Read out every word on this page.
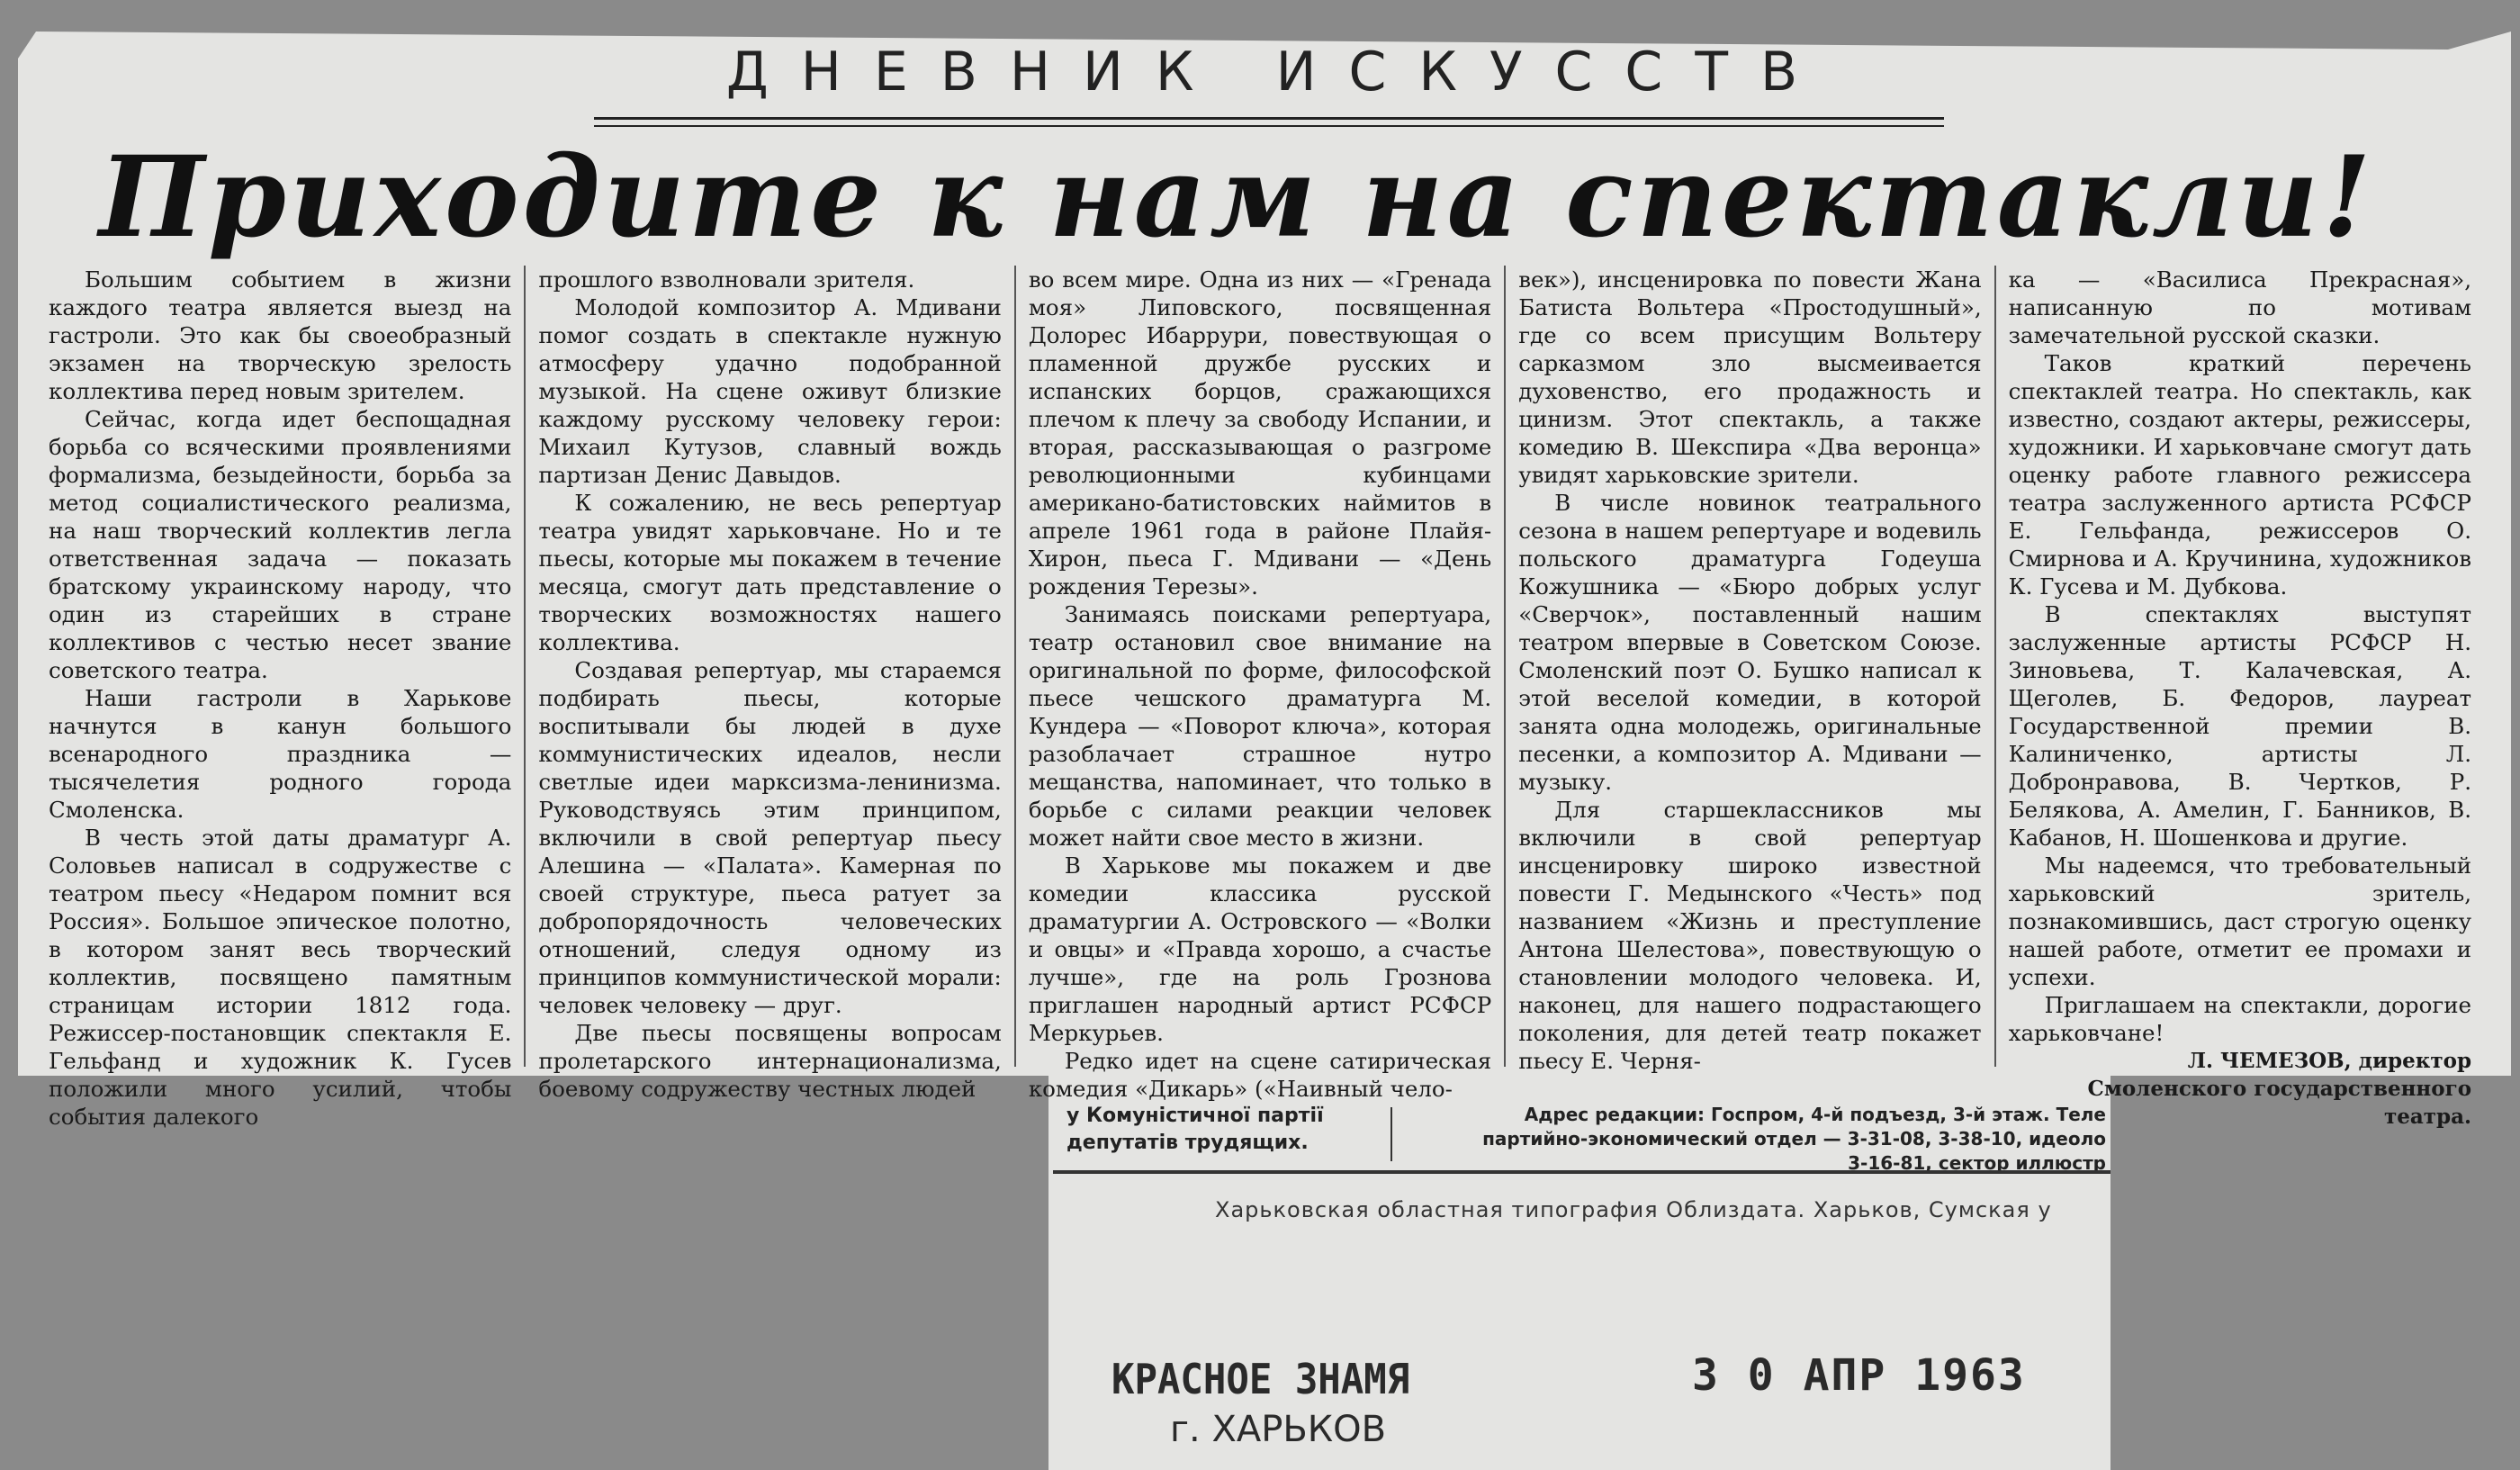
ДНЕВНИК ИСКУССТВ
Приходите к нам на спектакли!

Большим событием в жизни каждого театра является выезд на гастроли. Это как бы своеобразный экзамен на творческую зрелость коллектива перед новым зрителем.

Сейчас, когда идет беспощадная борьба со всяческими проявлениями формализма, безыдейности, борьба за метод социалистического реализма, на наш творческий коллектив легла ответственная задача — показать братскому украинскому народу, что один из старейших в стране коллективов с честью несет звание советского театра.

Наши гастроли в Харькове начнутся в канун большого всенародного праздника — тысячелетия родного города Смоленска.

В честь этой даты драматург А. Соловьев написал в содружестве с театром пьесу «Недаром помнит вся Россия». Большое эпическое полотно, в котором занят весь творческий коллектив, посвящено памятным страницам истории 1812 года. Режиссер-постановщик спектакля Е. Гельфанд и художник К. Гусев положили много усилий, чтобы события далекого

прошлого взволновали зрителя.

Молодой композитор А. Мдивани помог создать в спектакле нужную атмосферу удачно подобранной музыкой. На сцене оживут близкие каждому русскому человеку герои: Михаил Кутузов, славный вождь партизан Денис Давыдов.

К сожалению, не весь репертуар театра увидят харьковчане. Но и те пьесы, которые мы покажем в течение месяца, смогут дать представление о творческих возможностях нашего коллектива.

Создавая репертуар, мы стараемся подбирать пьесы, которые воспитывали бы людей в духе коммунистических идеалов, несли светлые идеи марксизма-ленинизма. Руководствуясь этим принципом, включили в свой репертуар пьесу Алешина — «Палата». Камерная по своей структуре, пьеса ратует за добропорядочность человеческих отношений, следуя одному из принципов коммунистической морали: человек человеку — друг.

Две пьесы посвящены вопросам пролетарского интернационализма, боевому содружеству честных людей

во всем мире. Одна из них — «Гренада моя» Липовского, посвященная Долорес Ибаррури, повествующая о пламенной дружбе русских и испанских борцов, сражающихся плечом к плечу за свободу Испании, и вторая, рассказывающая о разгроме революционными кубинцами американо-батистовских наймитов в апреле 1961 года в районе Плайя-Хирон, пьеса Г. Мдивани — «День рождения Терезы».

Занимаясь поисками репертуара, театр остановил свое внимание на оригинальной по форме, философской пьесе чешского драматурга М. Кундера — «Поворот ключа», которая разоблачает страшное нутро мещанства, напоминает, что только в борьбе с силами реакции человек может найти свое место в жизни.

В Харькове мы покажем и две комедии классика русской драматургии А. Островского — «Волки и овцы» и «Правда хорошо, а счастье лучше», где на роль Грознова приглашен народный артист РСФСР Меркурьев.

Редко идет на сцене сатирическая комедия «Дикарь» («Наивный чело-

век»), инсценировка по повести Жана Батиста Вольтера «Простодушный», где со всем присущим Вольтеру сарказмом зло высмеивается духовенство, его продажность и цинизм. Этот спектакль, а также комедию В. Шекспира «Два веронца» увидят харьковские зрители.

В числе новинок театрального сезона в нашем репертуаре и водевиль польского драматурга Годеуша Кожушника — «Бюро добрых услуг «Сверчок», поставленный нашим театром впервые в Советском Союзе. Смоленский поэт О. Бушко написал к этой веселой комедии, в которой занята одна молодежь, оригинальные песенки, а композитор А. Мдивани — музыку.

Для старшеклассников мы включили в свой репертуар инсценировку широко известной повести Г. Медынского «Честь» под названием «Жизнь и преступление Антона Шелестова», повествующую о становлении молодого человека. И, наконец, для нашего подрастающего поколения, для детей театр покажет пьесу Е. Черня-

ка — «Василиса Прекрасная», написанную по мотивам замечательной русской сказки.

Таков краткий перечень спектаклей театра. Но спектакль, как известно, создают актеры, режиссеры, художники. И харьковчане смогут дать оценку работе главного режиссера театра заслуженного артиста РСФСР Е. Гельфанда, режиссеров О. Смирнова и А. Кручинина, художников К. Гусева и М. Дубкова.

В спектаклях выступят заслуженные артисты РСФСР Н. Зиновьева, Т. Калачевская, А. Щеголев, Б. Федоров, лауреат Государственной премии В. Калиниченко, артисты Л. Добронравова, В. Чертков, Р. Белякова, А. Амелин, Г. Банников, В. Кабанов, Н. Шошенкова и другие.

Мы надеемся, что требовательный харьковский зритель, познакомившись, даст строгую оценку нашей работе, отметит ее промахи и успехи.

Приглашаем на спектакли, дорогие харьковчане!

Л. ЧЕМЕЗОВ, директор Смоленского государственного театра.

у Комуністичної партії
депутатів трудящих.
Адрес редакции: Госпром, 4-й подъезд, 3-й этаж. Теле
партийно-экономический отдел — 3-31-08, 3-38-10, идеоло
3-16-81, сектор иллюстр
Харьковская областная типография Облиздата. Харьков, Сумская у
КРАСНОЕ ЗНАМЯ
г. ХАРЬКОВ
3 0 АПР 1963
